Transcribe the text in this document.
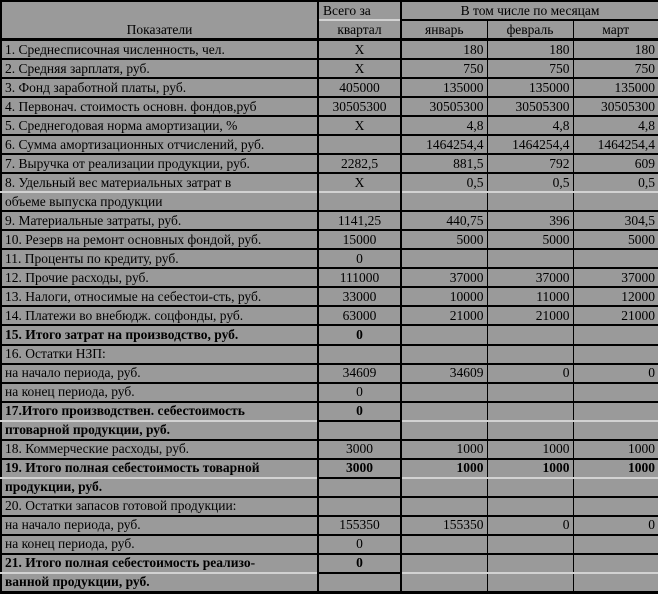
Показатели	Всего за	В том числе по месяцам		
	квартал	январь	февраль	март
1. Среднесписочная численность, чел.	X	180	180	180
2. Средняя зарплатя, руб.	X	750	750	750
3. Фонд заработной платы, руб.	405000	135000	135000	135000
4. Первонач. стоимость основн. фондов,руб	30505300	30505300	30505300	30505300
5. Среднегодовая норма амортизации, %	X	4,8	4,8	4,8
6. Сумма амортизационных отчислений, руб.		1464254,4	1464254,4	1464254,4
7. Выручка от реализации продукции, руб.	2282,5	881,5	792	609
8. Удельный вес материальных затрат в	X	0,5	0,5	0,5
объеме выпуска продукции				
9. Материальные затраты, руб.	1141,25	440,75	396	304,5
10. Резерв на ремонт основных фондой, руб.	15000	5000	5000	5000
11. Проценты по кредиту, руб.	0			
12. Прочие расходы, руб.	111000	37000	37000	37000
13. Налоги, относимые на себестои-сть, руб.	33000	10000	11000	12000
14. Платежи во внебюдж. соцфонды, руб.	63000	21000	21000	21000
15. Итого затрат на производство, руб.	0			
16. Остатки НЗП:				
на начало периода, руб.	34609	34609	0	0
на конец периода, руб.	0			
17.Итого производствен. себестоимость	0			
птоварной продукции, руб.				
18. Коммерческие расходы, руб.	3000	1000	1000	1000
19. Итого полная себестоимость товарной	3000	1000	1000	1000
продукции, руб.				
20. Остатки запасов готовой продукции:				
на начало периода, руб.	155350	155350	0	0
на конец периода, руб.	0			
21. Итого полная себестоимость реализо-	0			
ванной продукции, руб.				
